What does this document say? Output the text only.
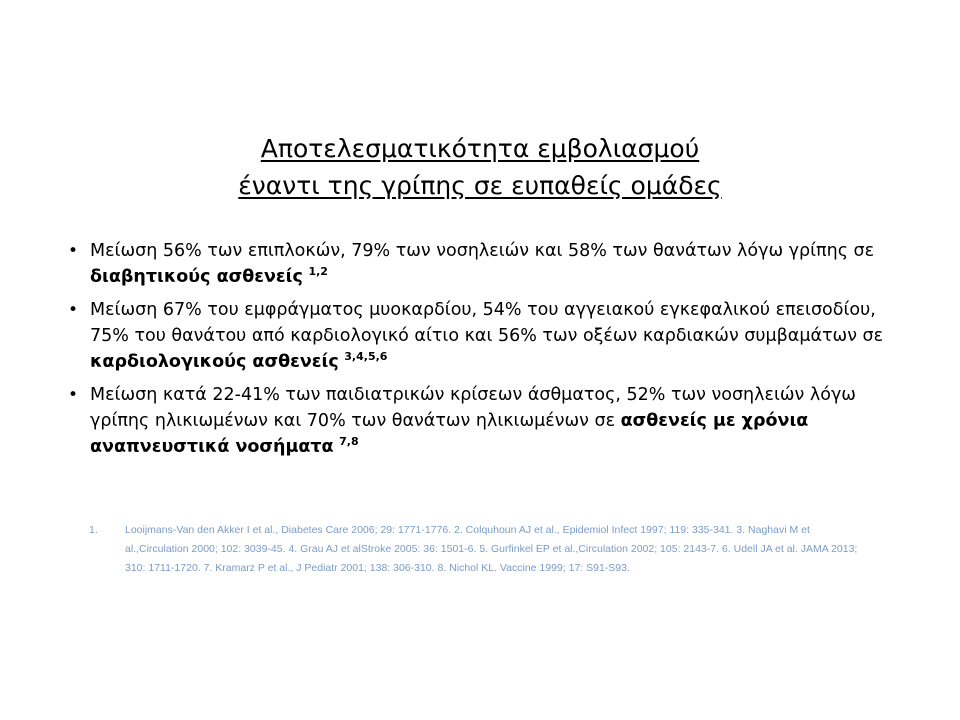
Αποτελεσματικότητα εμβολιασμού
έναντι της γρίπης σε ευπαθείς ομάδες
• Μείωση 56% των επιπλοκών, 79% των νοσηλειών και 58% των θανάτων λόγω γρίπης σε διαβητικούς ασθενείς $^{1,2}$
• Μείωση 67% του εμφράγματος μυοκαρδίου, 54% του αγγειακού εγκεφαλικού επεισοδίου, 75% του θανάτου από καρδιολογικό αίτιο και 56% των οξέων καρδιακών συμβαμάτων σε καρδιολογικούς ασθενείς $^{3,4,5,6}$
• Μείωση κατά 22-41% των παιδιατρικών κρίσεων άσθματος, 52% των νοσηλειών λόγω γρίπης ηλικιωμένων και 70% των θανάτων ηλικιωμένων σε ασθενείς με χρόνια αναπνευστικά νοσήματα $^{7,8}$
1.	Looijmans-Van den Akker I et al., Diabetes Care 2006; 29: 1771-1776. 2. Colquhoun AJ et al., Epidemiol Infect 1997; 119: 335-341. 3. Naghavi M et al.,Circulation 2000; 102: 3039-45. 4. Grau AJ et alStroke 2005: 36: 1501-6. 5. Gurfinkel EP et al.,Circulation 2002; 105: 2143-7. 6. Udell JA et al. JAMA 2013; 310: 1711-1720. 7. Kramarz P et al., J Pediatr 2001; 138: 306-310. 8. Nichol KL. Vaccine 1999; 17: S91-S93.
